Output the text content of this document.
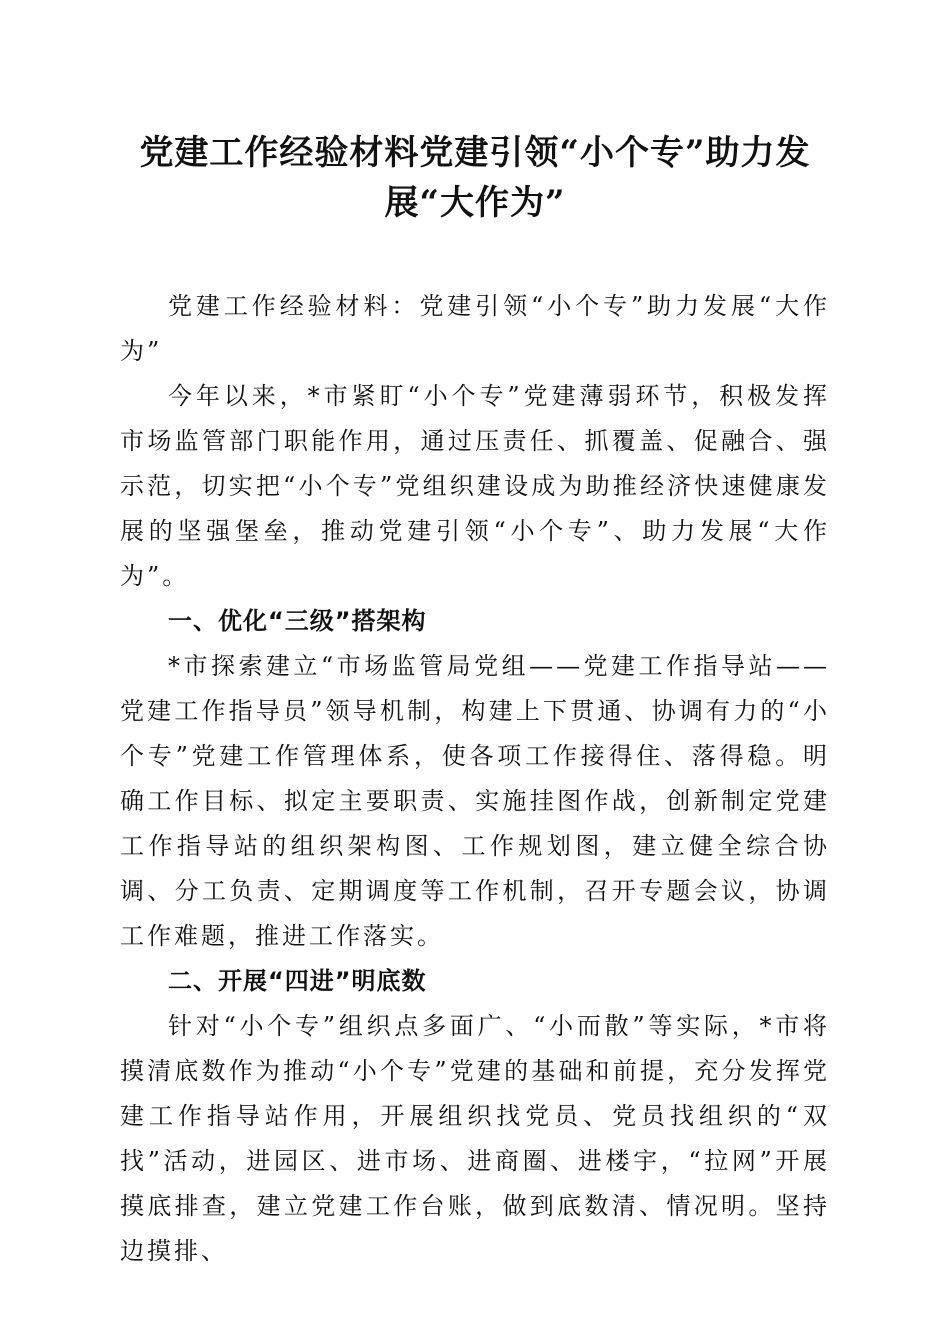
党建工作经验材料党建引领“小个专”助力发展“大作为”

党建工作经验材料：党建引领“小个专”助力发展“大作为”

今年以来，*市紧盯“小个专”党建薄弱环节，积极发挥市场监管部门职能作用，通过压责任、抓覆盖、促融合、强示范，切实把“小个专”党组织建设成为助推经济快速健康发展的坚强堡垒，推动党建引领“小个专”、助力发展“大作为”。

一、优化“三级”搭架构

*市探索建立“市场监管局党组——党建工作指导站——党建工作指导员”领导机制，构建上下贯通、协调有力的“小个专”党建工作管理体系，使各项工作接得住、落得稳。明确工作目标、拟定主要职责、实施挂图作战，创新制定党建工作指导站的组织架构图、工作规划图，建立健全综合协调、分工负责、定期调度等工作机制，召开专题会议，协调工作难题，推进工作落实。

二、开展“四进”明底数

针对“小个专”组织点多面广、“小而散”等实际，*市将摸清底数作为推动“小个专”党建的基础和前提，充分发挥党建工作指导站作用，开展组织找党员、党员找组织的“双找”活动，进园区、进市场、进商圈、进楼宇，“拉网”开展摸底排查，建立党建工作台账，做到底数清、情况明。坚持边摸排、
